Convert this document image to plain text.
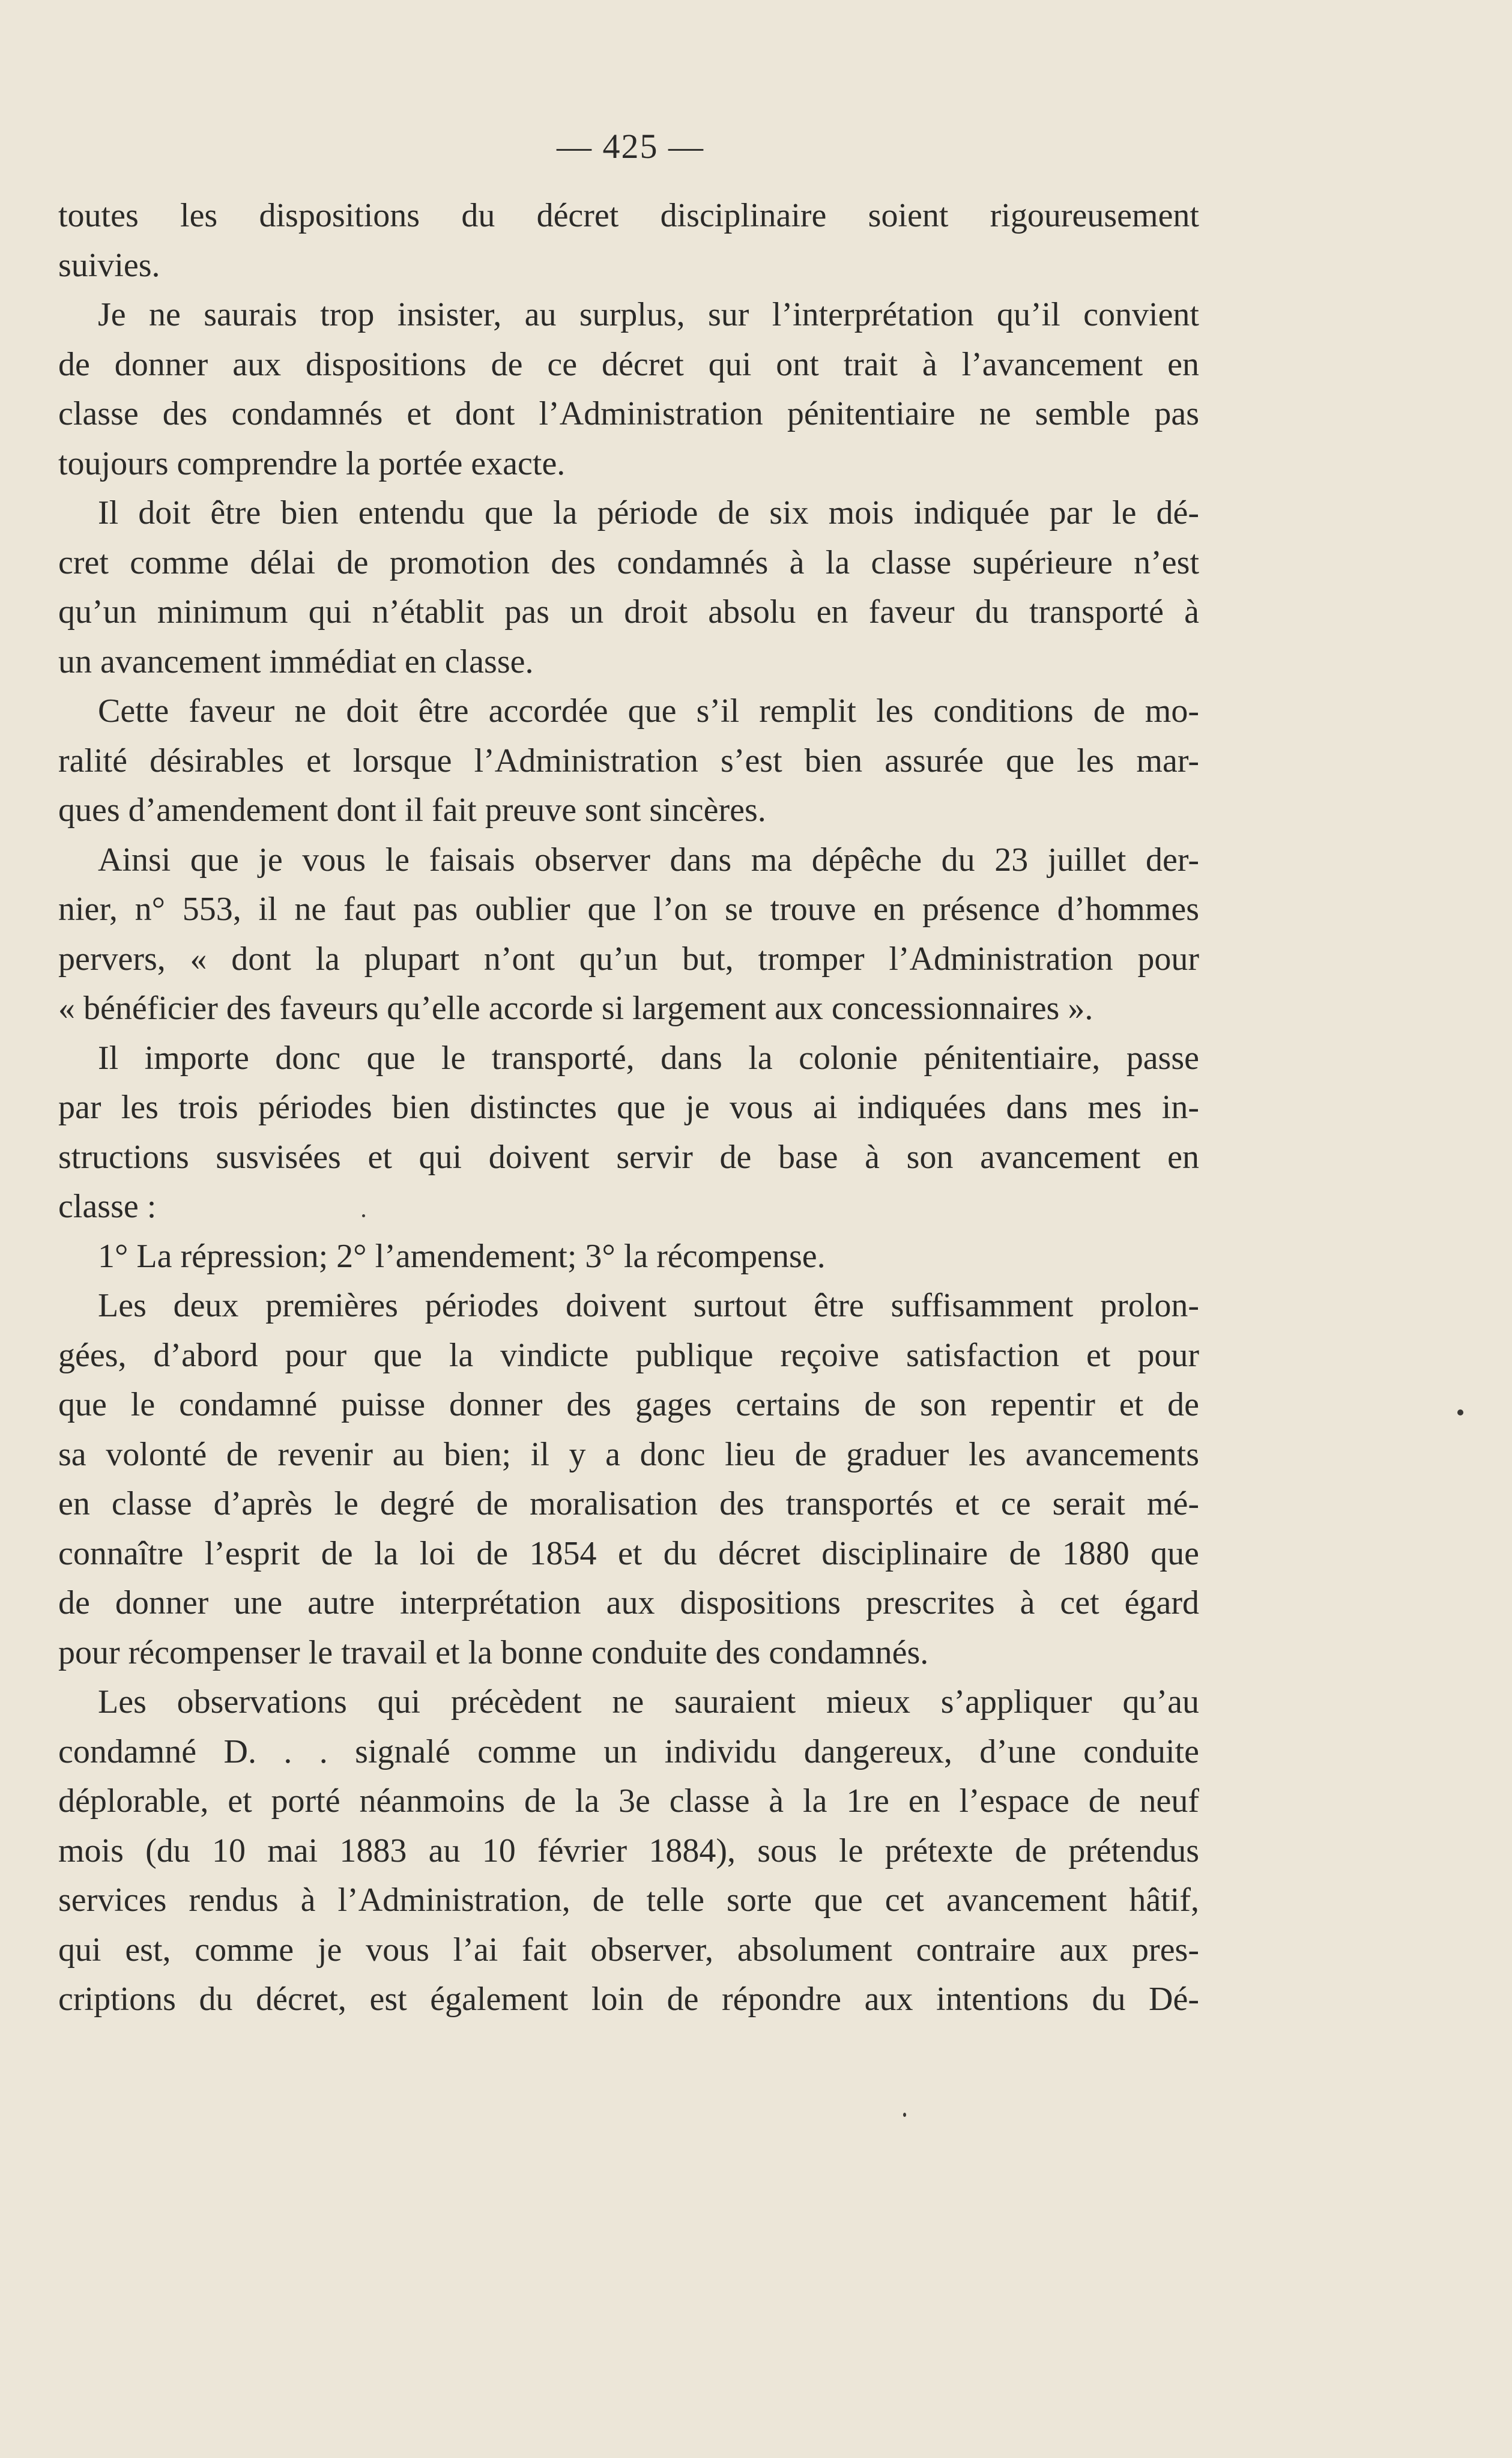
— 425 —
toutes les dispositions du décret disciplinaire soient rigoureusement
suivies.
Je ne saurais trop insister, au surplus, sur l’interprétation qu’il convient
de donner aux dispositions de ce décret qui ont trait à l’avancement en
classe des condamnés et dont l’Administration pénitentiaire ne semble pas
toujours comprendre la portée exacte.
Il doit être bien entendu que la période de six mois indiquée par le dé-
cret comme délai de promotion des condamnés à la classe supérieure n’est
qu’un minimum qui n’établit pas un droit absolu en faveur du transporté à
un avancement immédiat en classe.
Cette faveur ne doit être accordée que s’il remplit les conditions de mo-
ralité désirables et lorsque l’Administration s’est bien assurée que les mar-
ques d’amendement dont il fait preuve sont sincères.
Ainsi que je vous le faisais observer dans ma dépêche du 23 juillet der-
nier, n° 553, il ne faut pas oublier que l’on se trouve en présence d’hommes
pervers, « dont la plupart n’ont qu’un but, tromper l’Administration pour
« bénéficier des faveurs qu’elle accorde si largement aux concessionnaires ».
Il importe donc que le transporté, dans la colonie pénitentiaire, passe
par les trois périodes bien distinctes que je vous ai indiquées dans mes in-
structions susvisées et qui doivent servir de base à son avancement en
classe :
1° La répression; 2° l’amendement; 3° la récompense.
Les deux premières périodes doivent surtout être suffisamment prolon-
gées, d’abord pour que la vindicte publique reçoive satisfaction et pour
que le condamné puisse donner des gages certains de son repentir et de
sa volonté de revenir au bien; il y a donc lieu de graduer les avancements
en classe d’après le degré de moralisation des transportés et ce serait mé-
connaître l’esprit de la loi de 1854 et du décret disciplinaire de 1880 que
de donner une autre interprétation aux dispositions prescrites à cet égard
pour récompenser le travail et la bonne conduite des condamnés.
Les observations qui précèdent ne sauraient mieux s’appliquer qu’au
condamné D. . . signalé comme un individu dangereux, d’une conduite
déplorable, et porté néanmoins de la 3e classe à la 1re en l’espace de neuf
mois (du 10 mai 1883 au 10 février 1884), sous le prétexte de prétendus
services rendus à l’Administration, de telle sorte que cet avancement hâtif,
qui est, comme je vous l’ai fait observer, absolument contraire aux pres-
criptions du décret, est également loin de répondre aux intentions du Dé-
